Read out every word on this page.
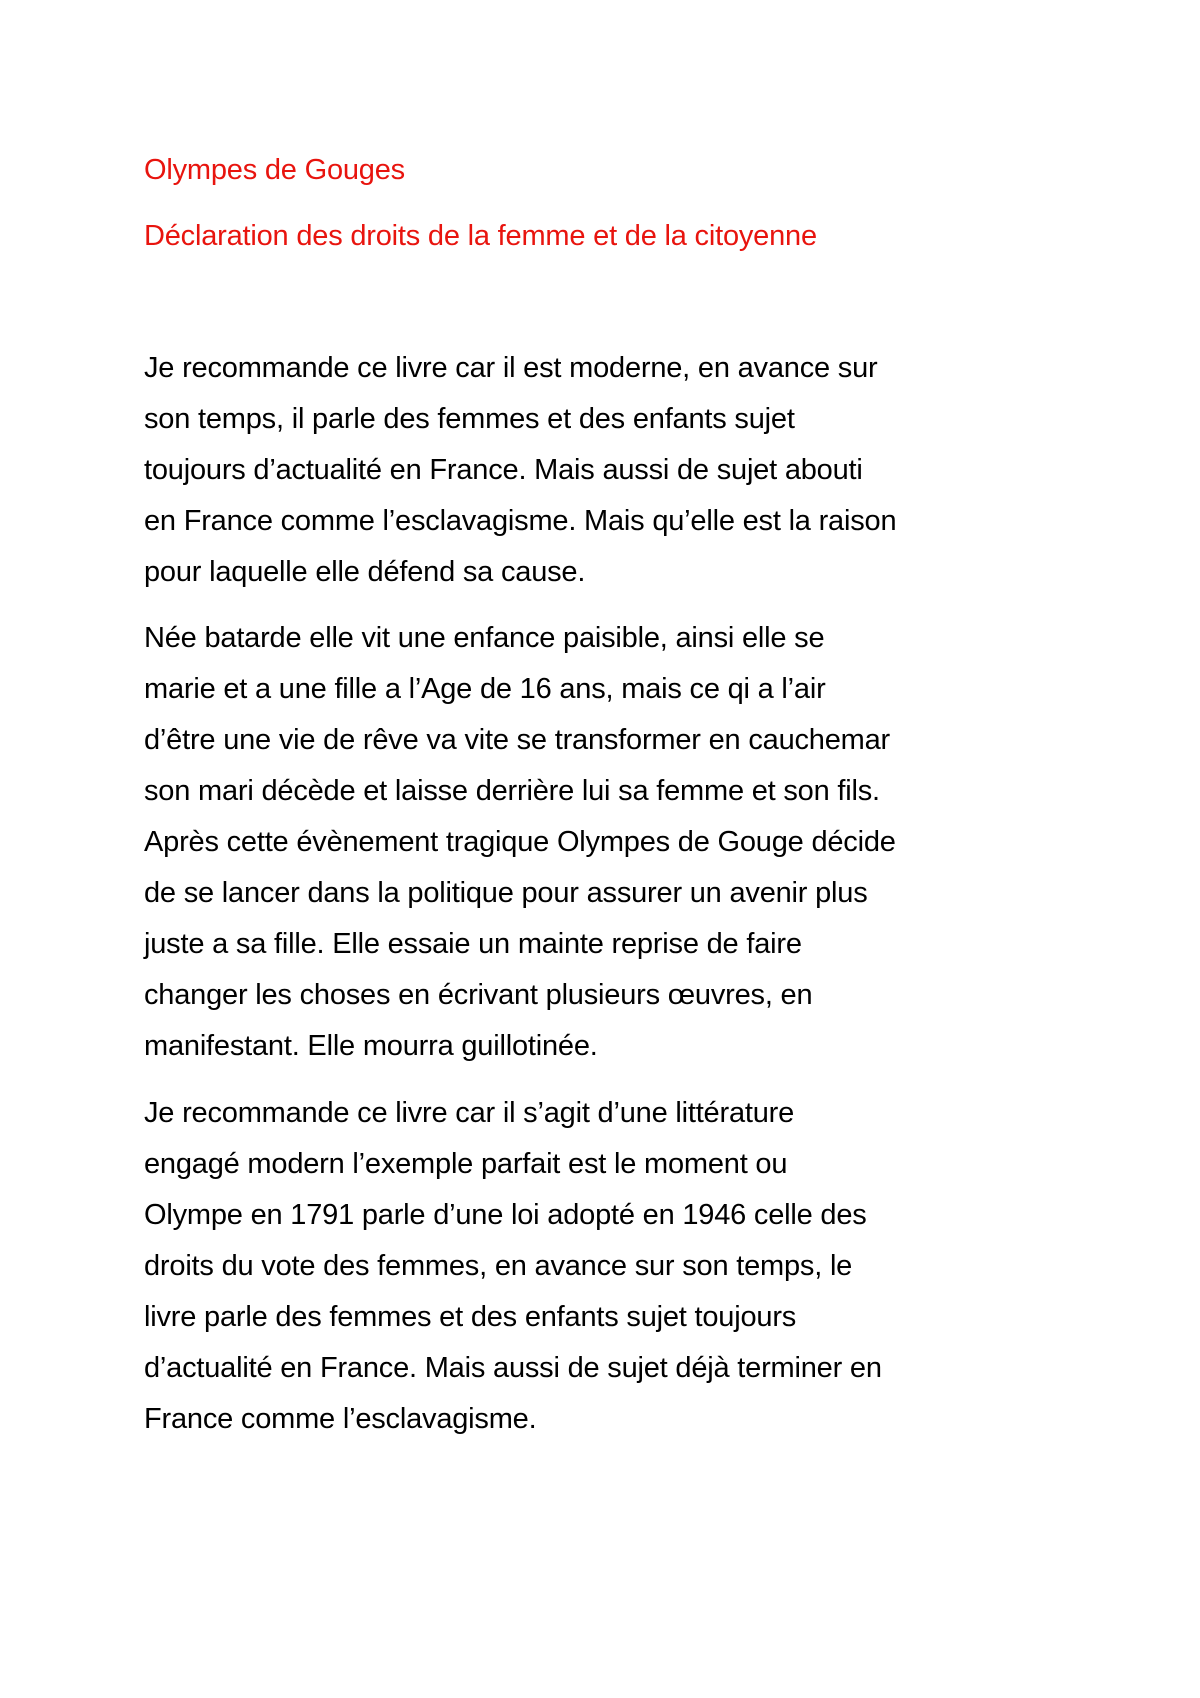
Olympes de Gouges
Déclaration des droits de la femme et de la citoyenne
Je recommande ce livre car il est moderne, en avance sur
son temps, il parle des femmes et des enfants sujet
toujours d’actualité en France. Mais aussi de sujet abouti
en France comme l’esclavagisme. Mais qu’elle est la raison
pour laquelle elle défend sa cause.
Née batarde elle vit une enfance paisible, ainsi elle se
marie et a une fille a l’Age de 16 ans, mais ce qi a l’air
d’être une vie de rêve va vite se transformer en cauchemar
son mari décède et laisse derrière lui sa femme et son fils.
Après cette évènement tragique Olympes de Gouge décide
de se lancer dans la politique pour assurer un avenir plus
juste a sa fille. Elle essaie un mainte reprise de faire
changer les choses en écrivant plusieurs œuvres, en
manifestant. Elle mourra guillotinée.
Je recommande ce livre car il s’agit d’une littérature
engagé modern l’exemple parfait est le moment ou
Olympe en 1791 parle d’une loi adopté en 1946 celle des
droits du vote des femmes, en avance sur son temps, le
livre parle des femmes et des enfants sujet toujours
d’actualité en France. Mais aussi de sujet déjà terminer en
France comme l’esclavagisme.
